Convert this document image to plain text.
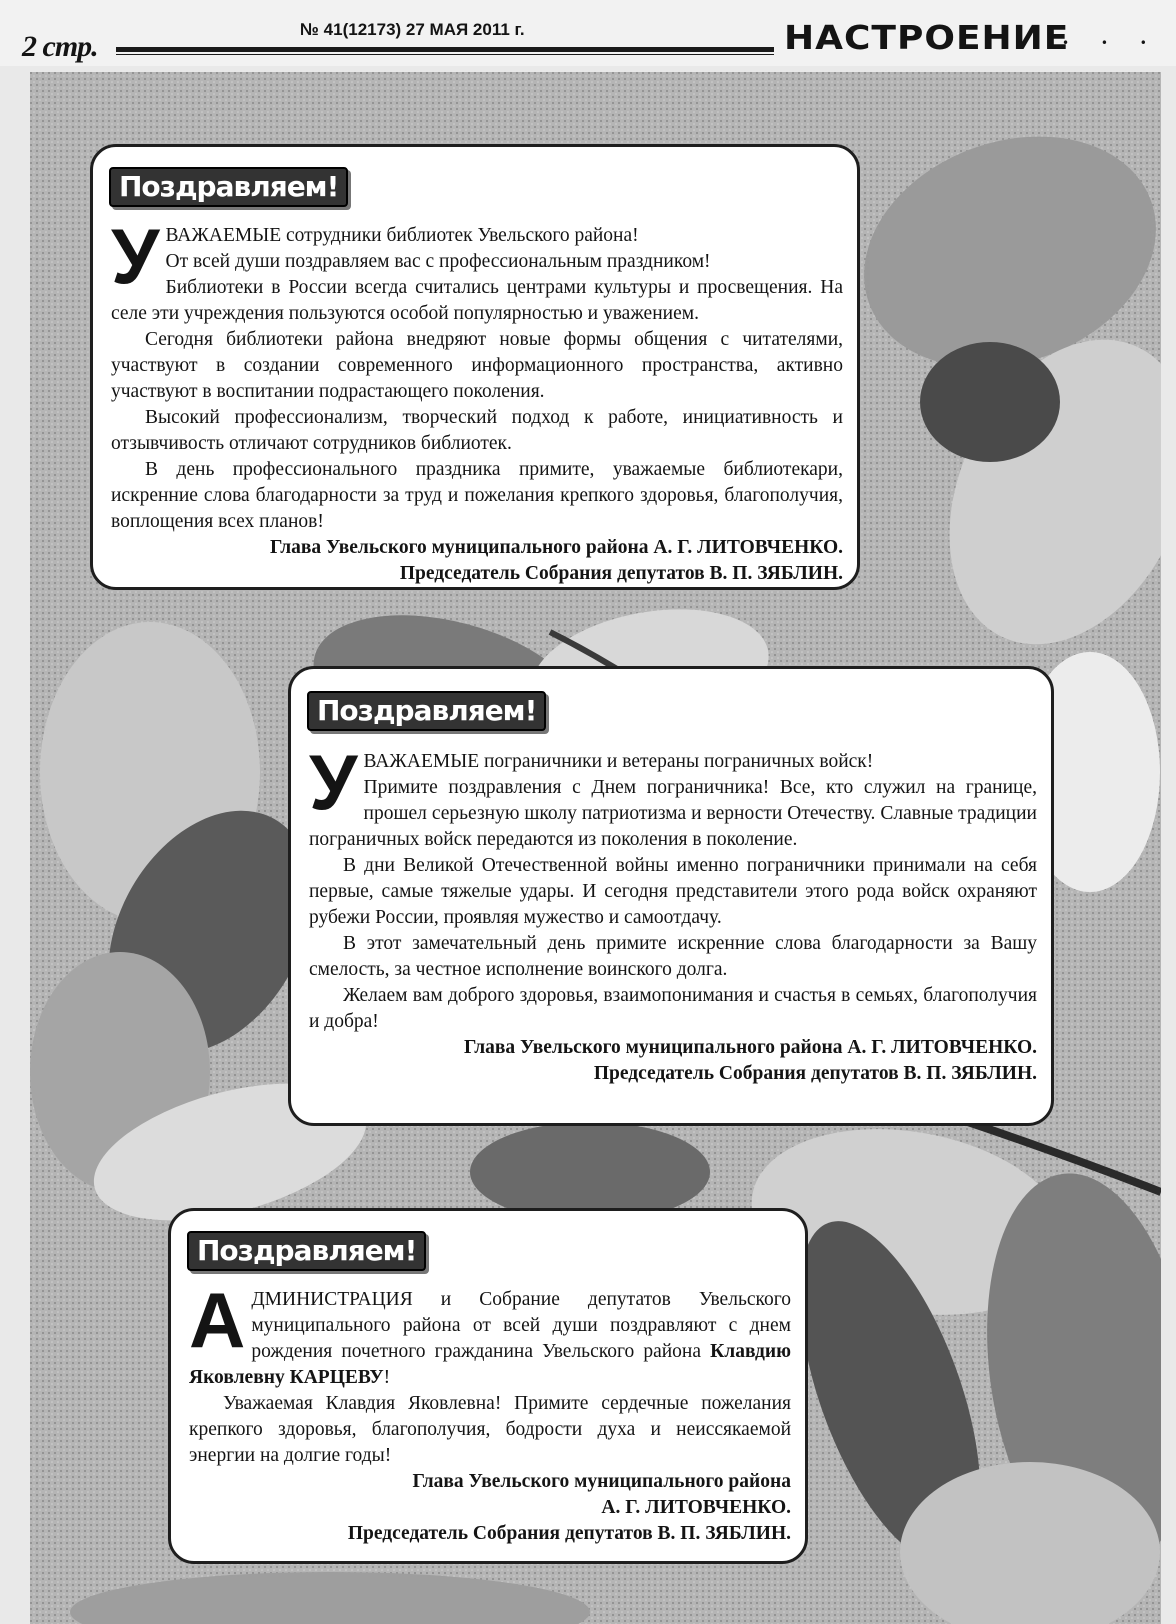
2 стр.
№ 41(12173) 27 МАЯ 2011 г.	НАСТРОЕНИЕ
• • •
Поздравляем!

УВАЖАЕМЫЕ сотрудники библиотек Увельского района!

От всей души поздравляем вас с профессиональным праздником!

Библиотеки в России всегда считались центрами культуры и просвещения. На селе эти учреждения пользуются особой популярностью и уважением.

Сегодня библиотеки района внедряют новые формы общения с читателями, участвуют в создании современного информационного пространства, активно участвуют в воспитании подрастающего поколения.

Высокий профессионализм, творческий подход к работе, инициативность и отзывчивость отличают сотрудников библиотек.

В день профессионального праздника примите, уважаемые библиотекари, искренние слова благодарности за труд и пожелания крепкого здоровья, благополучия, воплощения всех планов!

Глава Увельского муниципального района А. Г. ЛИТОВЧЕНКО.

Председатель Собрания депутатов В. П. ЗЯБЛИН.

Поздравляем!

УВАЖАЕМЫЕ пограничники и ветераны пограничных войск!

Примите поздравления с Днем пограничника! Все, кто служил на границе, прошел серьезную школу патриотизма и верности Отечеству. Славные традиции пограничных войск передаются из поколения в поколение.

В дни Великой Отечественной войны именно пограничники принимали на себя первые, самые тяжелые удары. И сегодня представители этого рода войск охраняют рубежи России, проявляя мужество и самоотдачу.

В этот замечательный день примите искренние слова благодарности за Вашу смелость, за честное исполнение воинского долга.

Желаем вам доброго здоровья, взаимопонимания и счастья в семьях, благополучия и добра!

Глава Увельского муниципального района А. Г. ЛИТОВЧЕНКО.

Председатель Собрания депутатов В. П. ЗЯБЛИН.

Поздравляем!

АДМИНИСТРАЦИЯ и Собрание депутатов Увельского муниципального района от всей души поздравляют с днем рождения почетного гражданина Увельского района Клавдию Яковлевну КАРЦЕВУ!

Уважаемая Клавдия Яковлевна! Примите сердечные пожелания крепкого здоровья, благополучия, бодрости духа и неиссякаемой энергии на долгие годы!

Глава Увельского муниципального района

А. Г. ЛИТОВЧЕНКО.

Председатель Собрания депутатов В. П. ЗЯБЛИН.
